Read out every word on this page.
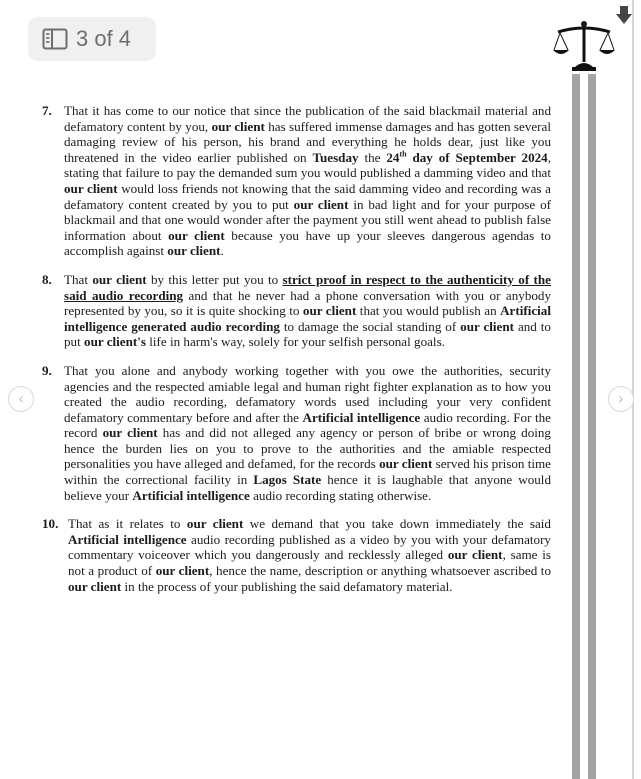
3 of 4
‹	›
7. That it has come to our notice that since the publication of the said blackmail material and defamatory content by you, our client has suffered immense damages and has gotten several damaging review of his person, his brand and everything he holds dear, just like you threatened in the video earlier published on Tuesday the 24th day of September 2024, stating that failure to pay the demanded sum you would published a damming video and that our client would loss friends not knowing that the said damming video and recording was a defamatory content created by you to put our client in bad light and for your purpose of blackmail and that one would wonder after the payment you still went ahead to publish false information about our client because you have up your sleeves dangerous agendas to accomplish against our client.
8. That our client by this letter put you to strict proof in respect to the authenticity of the said audio recording and that he never had a phone conversation with you or anybody represented by you, so it is quite shocking to our client that you would publish an Artificial intelligence generated audio recording to damage the social standing of our client and to put our client's life in harm's way, solely for your selfish personal goals.
9. That you alone and anybody working together with you owe the authorities, security agencies and the respected amiable legal and human right fighter explanation as to how you created the audio recording, defamatory words used including your very confident defamatory commentary before and after the Artificial intelligence audio recording. For the record our client has and did not alleged any agency or person of bribe or wrong doing hence the burden lies on you to prove to the authorities and the amiable respected personalities you have alleged and defamed, for the records our client served his prison time within the correctional facility in Lagos State hence it is laughable that anyone would believe your Artificial intelligence audio recording stating otherwise.
10. That as it relates to our client we demand that you take down immediately the said Artificial intelligence audio recording published as a video by you with your defamatory commentary voiceover which you dangerously and recklessly alleged our client, same is not a product of our client, hence the name, description or anything whatsoever ascribed to our client in the process of your publishing the said defamatory material.
